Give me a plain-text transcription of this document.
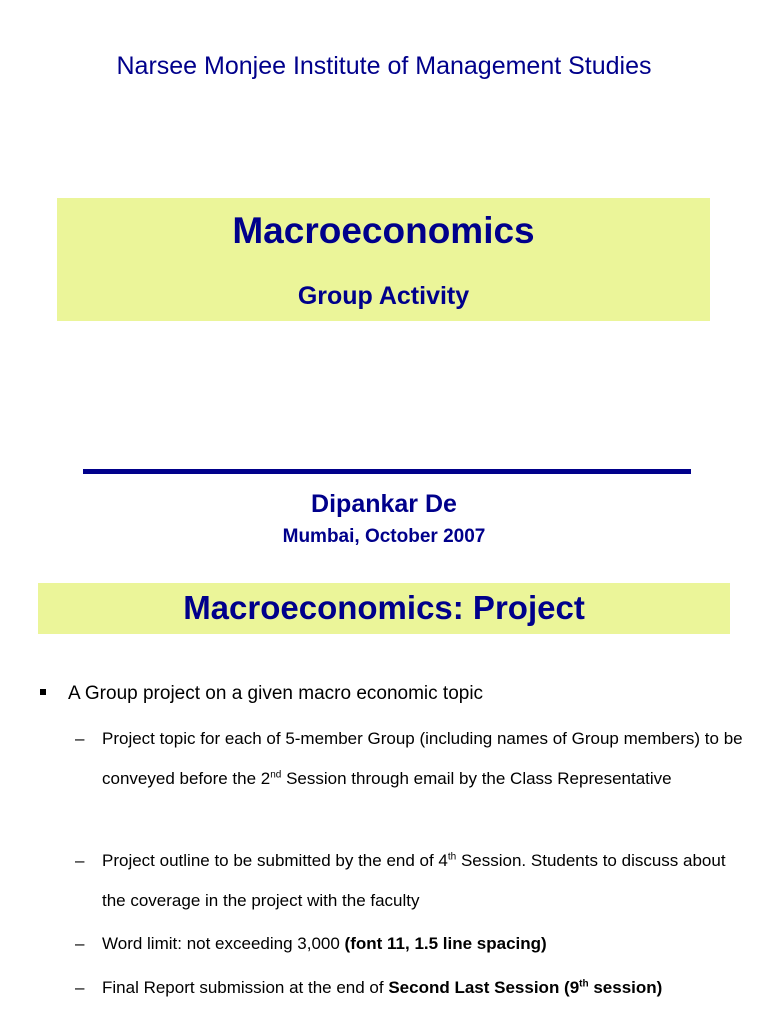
Narsee Monjee Institute of Management Studies
Macroeconomics
Group Activity
Dipankar De
Mumbai, October 2007
Macroeconomics: Project
A Group project on a given macro economic topic
– Project topic for each of 5-member Group (including names of Group members) to be conveyed before the 2nd Session through email by the Class Representative
– Project outline to be submitted by the end of 4th Session. Students to discuss about the coverage in the project with the faculty
– Word limit: not exceeding 3,000 (font 11, 1.5 line spacing)
– Final Report submission at the end of Second Last Session (9th session)
